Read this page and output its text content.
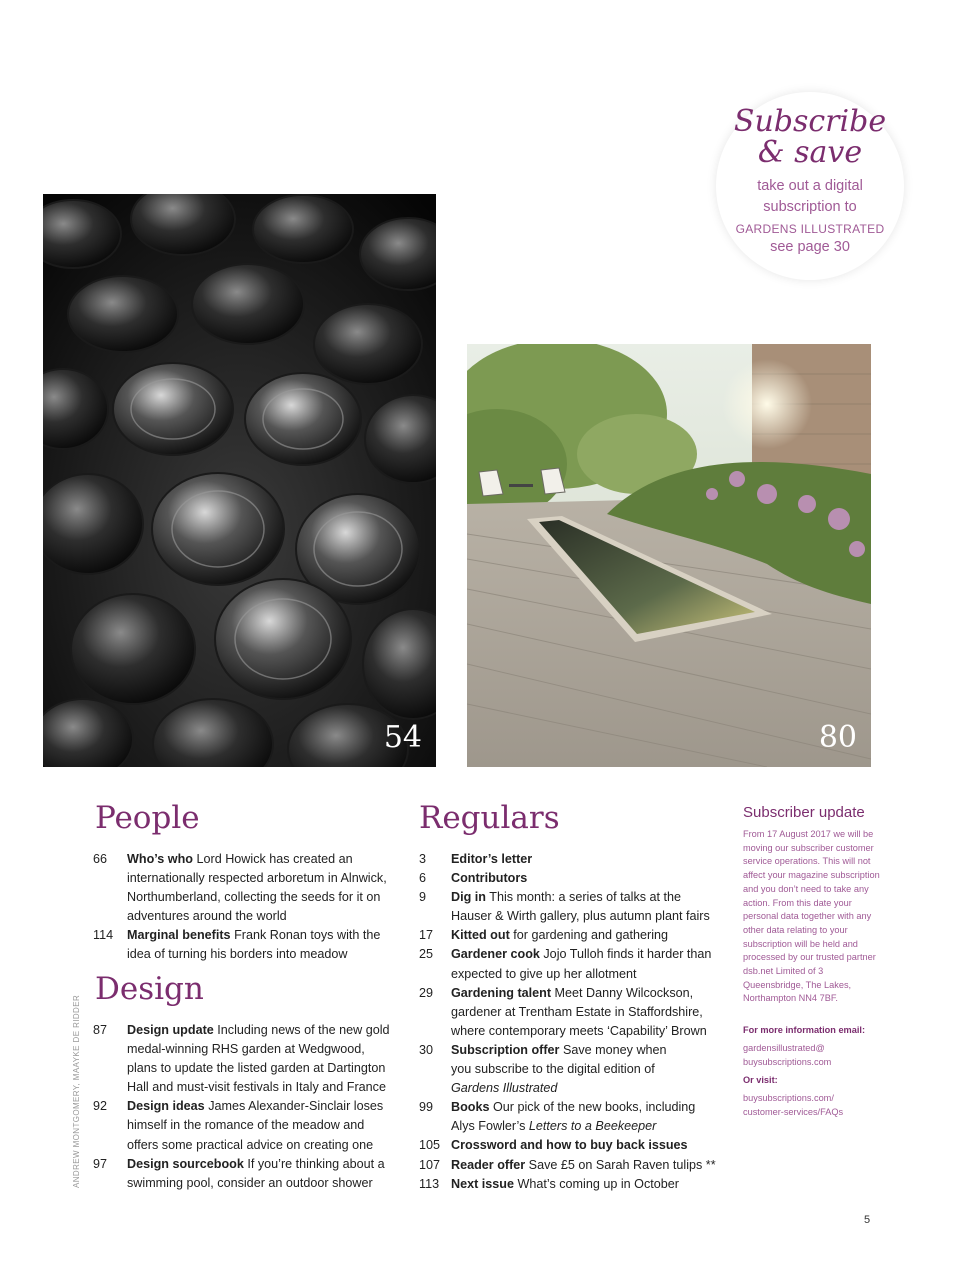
Subscribe
& save
take out a digital
subscription to
GARDENS ILLUSTRATED
see page 30
54	80
People
66	Who’s who Lord Howick has created an
internationally respected arboretum in Alnwick,
Northumberland, collecting the seeds for it on
adventures around the world
114	Marginal benefits Frank Ronan toys with the
idea of turning his borders into meadow
Design
87	Design update Including news of the new gold
medal-winning RHS garden at Wedgwood,
plans to update the listed garden at Dartington
Hall and must-visit festivals in Italy and France
92	Design ideas James Alexander-Sinclair loses
himself in the romance of the meadow and
offers some practical advice on creating one
97	Design sourcebook If you’re thinking about a
swimming pool, consider an outdoor shower
Regulars
3	Editor’s letter
6	Contributors
9	Dig in This month: a series of talks at the
Hauser & Wirth gallery, plus autumn plant fairs
17	Kitted out for gardening and gathering
25	Gardener cook Jojo Tulloh finds it harder than
expected to give up her allotment
29	Gardening talent Meet Danny Wilcockson,
gardener at Trentham Estate in Staffordshire,
where contemporary meets ‘Capability’ Brown
30	Subscription offer Save money when
you subscribe to the digital edition of
Gardens Illustrated
99	Books Our pick of the new books, including
Alys Fowler’s Letters to a Beekeeper
105 Crossword and how to buy back issues
107 Reader offer Save £5 on Sarah Raven tulips **
113 Next issue What’s coming up in October
ANDREW MONTGOMERY, MAAYKE DE RIDDER
Subscriber update

From 17 August 2017 we will be moving our subscriber customer service operations. This will not affect your magazine subscription and you don’t need to take any action. From this date your personal data together with any other data relating to your subscription will be held and processed by our trusted partner dsb.net Limited of 3 Queensbridge, The Lakes, Northampton NN4 7BF.

For more information email:

gardensillustrated@ buysubscriptions.com

Or visit:

buysubscriptions.com/ customer-services/FAQs

5
